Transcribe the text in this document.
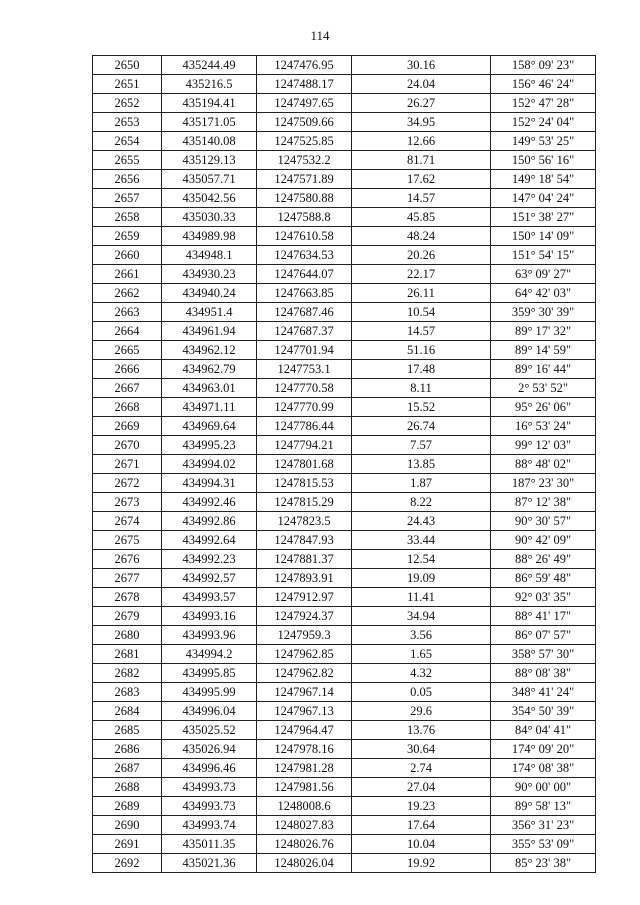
114
2650	435244.49	1247476.95	30.16	158° 09' 23"
2651	435216.5	1247488.17	24.04	156° 46' 24"
2652	435194.41	1247497.65	26.27	152° 47' 28"
2653	435171.05	1247509.66	34.95	152° 24' 04"
2654	435140.08	1247525.85	12.66	149° 53' 25"
2655	435129.13	1247532.2	81.71	150° 56' 16"
2656	435057.71	1247571.89	17.62	149° 18' 54"
2657	435042.56	1247580.88	14.57	147° 04' 24"
2658	435030.33	1247588.8	45.85	151° 38' 27"
2659	434989.98	1247610.58	48.24	150° 14' 09"
2660	434948.1	1247634.53	20.26	151° 54' 15"
2661	434930.23	1247644.07	22.17	63° 09' 27"
2662	434940.24	1247663.85	26.11	64° 42' 03"
2663	434951.4	1247687.46	10.54	359° 30' 39"
2664	434961.94	1247687.37	14.57	89° 17' 32"
2665	434962.12	1247701.94	51.16	89° 14' 59"
2666	434962.79	1247753.1	17.48	89° 16' 44"
2667	434963.01	1247770.58	8.11	2° 53' 52"
2668	434971.11	1247770.99	15.52	95° 26' 06"
2669	434969.64	1247786.44	26.74	16° 53' 24"
2670	434995.23	1247794.21	7.57	99° 12' 03"
2671	434994.02	1247801.68	13.85	88° 48' 02"
2672	434994.31	1247815.53	1.87	187° 23' 30"
2673	434992.46	1247815.29	8.22	87° 12' 38"
2674	434992.86	1247823.5	24.43	90° 30' 57"
2675	434992.64	1247847.93	33.44	90° 42' 09"
2676	434992.23	1247881.37	12.54	88° 26' 49"
2677	434992.57	1247893.91	19.09	86° 59' 48"
2678	434993.57	1247912.97	11.41	92° 03' 35"
2679	434993.16	1247924.37	34.94	88° 41' 17"
2680	434993.96	1247959.3	3.56	86° 07' 57"
2681	434994.2	1247962.85	1.65	358° 57' 30"
2682	434995.85	1247962.82	4.32	88° 08' 38"
2683	434995.99	1247967.14	0.05	348° 41' 24"
2684	434996.04	1247967.13	29.6	354° 50' 39"
2685	435025.52	1247964.47	13.76	84° 04' 41"
2686	435026.94	1247978.16	30.64	174° 09' 20"
2687	434996.46	1247981.28	2.74	174° 08' 38"
2688	434993.73	1247981.56	27.04	90° 00' 00"
2689	434993.73	1248008.6	19.23	89° 58' 13"
2690	434993.74	1248027.83	17.64	356° 31' 23"
2691	435011.35	1248026.76	10.04	355° 53' 09"
2692	435021.36	1248026.04	19.92	85° 23' 38"
